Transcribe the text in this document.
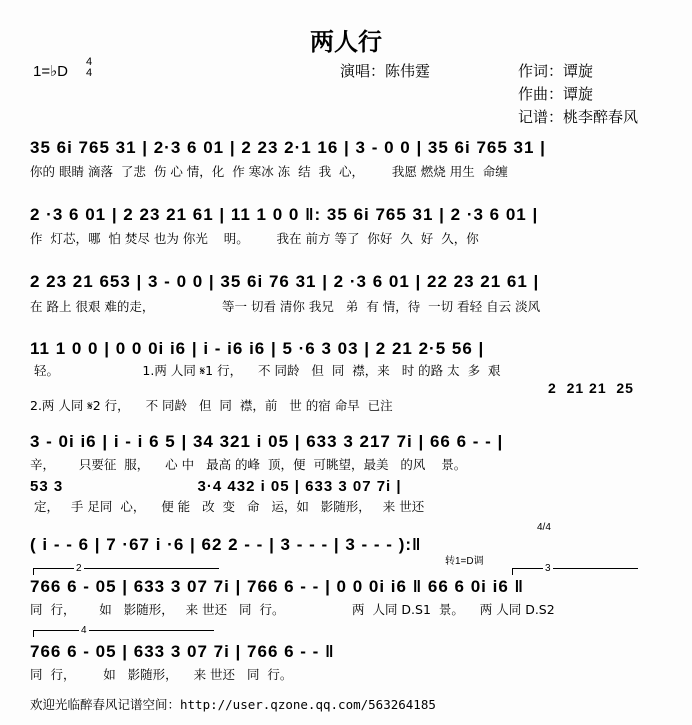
两人行
1=♭D
4
4	演唱：陈伟霆	作词：谭旋
作曲：谭旋
记谱：桃李醉春风
35 6i 765 31 | 2·3 6 01 | 2 23 2·1 16 | 3 - 0 0 | 35 6i 765 31 |
你的 眼睛 滴落  了悲  伤 心 情，化  作 寒冰 冻  结  我  心，       我愿 燃烧 用生  命缠
2 ·3 6 01 | 2 23 21 61 | 11 1 0 0 ‖: 35 6i 765 31 | 2 ·3 6 01 |
作  灯芯，哪  怕 焚尽 也为 你光    明。       我在 前方 等了  你好  久  好  久，你
2 23 21 653 | 3 - 0 0 | 35 6i 76 31 | 2 ·3 6 01 | 22 23 21 61 |
在 路上 很艰 难的走，                 等一 切看 清你 我兄   弟  有 情，待  一切 看轻 自云 淡风
11 1 0 0 | 0 0 0i i6 | i - i6 i6 | 5 ·6 3 03 | 2 21 2·5 56 |
轻。                     1.两 人同 𝄋1 行，    不 同龄   但  同  襟，来   时 的路 太  多  艰
2  21 21  25
2.两 人同 𝄋2 行，    不 同龄   但  同  襟，前   世 的宿 命早  已注
3 - 0i i6 | i - i 6 5 | 34 321 i 05 | 633 3 217 7i | 66 6 - - |
辛，      只要征  服，    心 中   最高 的峰  顶，便  可眺望，最美   的风    景。
53 3                          3·4 432 i 05 | 633 3 07 7i |
定，   手 足同  心，    便 能   改  变   命   运，如   影随形，   来 世还
4/4
( i - - 6 | 7 ·67 i ·6 | 62 2 - - | 3 - - - | 3 - - - ):‖
转1=D调
2	3
766 6 - 05 | 633 3 07 7i | 766 6 - - | 0 0 0i i6 ‖ 66 6 0i i6 ‖
同  行，      如   影随形，   来 世还   同  行。                 两  人同 D.S1  景。    两 人同 D.S2
4
766 6 - 05 | 633 3 07 7i | 766 6 - - ‖
同  行，       如   影随形，    来 世还   同  行。
欢迎光临醉春风记谱空间：http://user.qzone.qq.com/563264185
